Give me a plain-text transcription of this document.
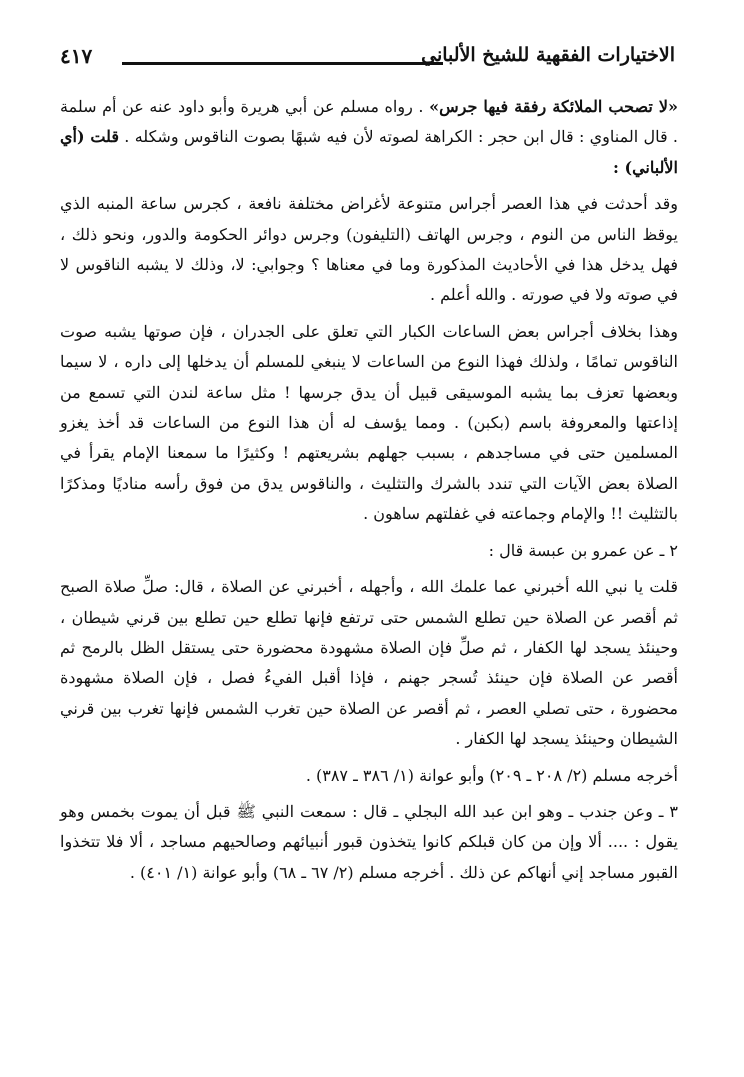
الاختيارات الفقهية للشيخ الألباني
٤١٧

«لا تصحب الملائكة رفقة فيها جرس» . رواه مسلم عن أبي هريرة وأبو داود عنه عن أم سلمة . قال المناوي : قال ابن حجر : الكراهة لصوته لأن فيه شبهًا بصوت الناقوس وشكله . قلت (أي الألباني) :

وقد أحدثت في هذا العصر أجراس متنوعة لأغراض مختلفة نافعة ، كجرس ساعة المنبه الذي يوقظ الناس من النوم ، وجرس الهاتف (التليفون) وجرس دوائر الحكومة والدور، ونحو ذلك ، فهل يدخل هذا في الأحاديث المذكورة وما في معناها ؟ وجوابي: لا، وذلك لا يشبه الناقوس لا في صوته ولا في صورته . والله أعلم .

وهذا بخلاف أجراس بعض الساعات الكبار التي تعلق على الجدران ، فإن صوتها يشبه صوت الناقوس تمامًا ، ولذلك فهذا النوع من الساعات لا ينبغي للمسلم أن يدخلها إلى داره ، لا سيما وبعضها تعزف بما يشبه الموسيقى قبيل أن يدق جرسها ! مثل ساعة لندن التي تسمع من إذاعتها والمعروفة باسم (بكبن) . ومما يؤسف له أن هذا النوع من الساعات قد أخذ يغزو المسلمين حتى في مساجدهم ، بسبب جهلهم بشريعتهم ! وكثيرًا ما سمعنا الإمام يقرأ في الصلاة بعض الآيات التي تندد بالشرك والتثليث ، والناقوس يدق من فوق رأسه مناديًا ومذكرًا بالتثليث !! والإمام وجماعته في غفلتهم ساهون .

٢ ـ عن عمرو بن عبسة قال :

قلت يا نبي الله أخبرني عما علمك الله ، وأجهله ، أخبرني عن الصلاة ، قال: صلِّ صلاة الصبح ثم أقصر عن الصلاة حين تطلع الشمس حتى ترتفع فإنها تطلع حين تطلع بين قرني شيطان ، وحينئذ يسجد لها الكفار ، ثم صلِّ فإن الصلاة مشهودة محضورة حتى يستقل الظل بالرمح ثم أقصر عن الصلاة فإن حينئذ تُسجر جهنم ، فإذا أقبل الفيءُ فصل ، فإن الصلاة مشهودة محضورة ، حتى تصلي العصر ، ثم أقصر عن الصلاة حين تغرب الشمس فإنها تغرب بين قرني الشيطان وحينئذ يسجد لها الكفار .

أخرجه مسلم (٢/ ٢٠٨ ـ ٢٠٩) وأبو عوانة (١/ ٣٨٦ ـ ٣٨٧) .

٣ ـ وعن جندب ـ وهو ابن عبد الله البجلي ـ قال : سمعت النبي ﷺ قبل أن يموت بخمس وهو يقول : .... ألا وإن من كان قبلكم كانوا يتخذون قبور أنبيائهم وصالحيهم مساجد ، ألا فلا تتخذوا القبور مساجد إني أنهاكم عن ذلك . أخرجه مسلم (٢/ ٦٧ ـ ٦٨) وأبو عوانة (١/ ٤٠١) .
